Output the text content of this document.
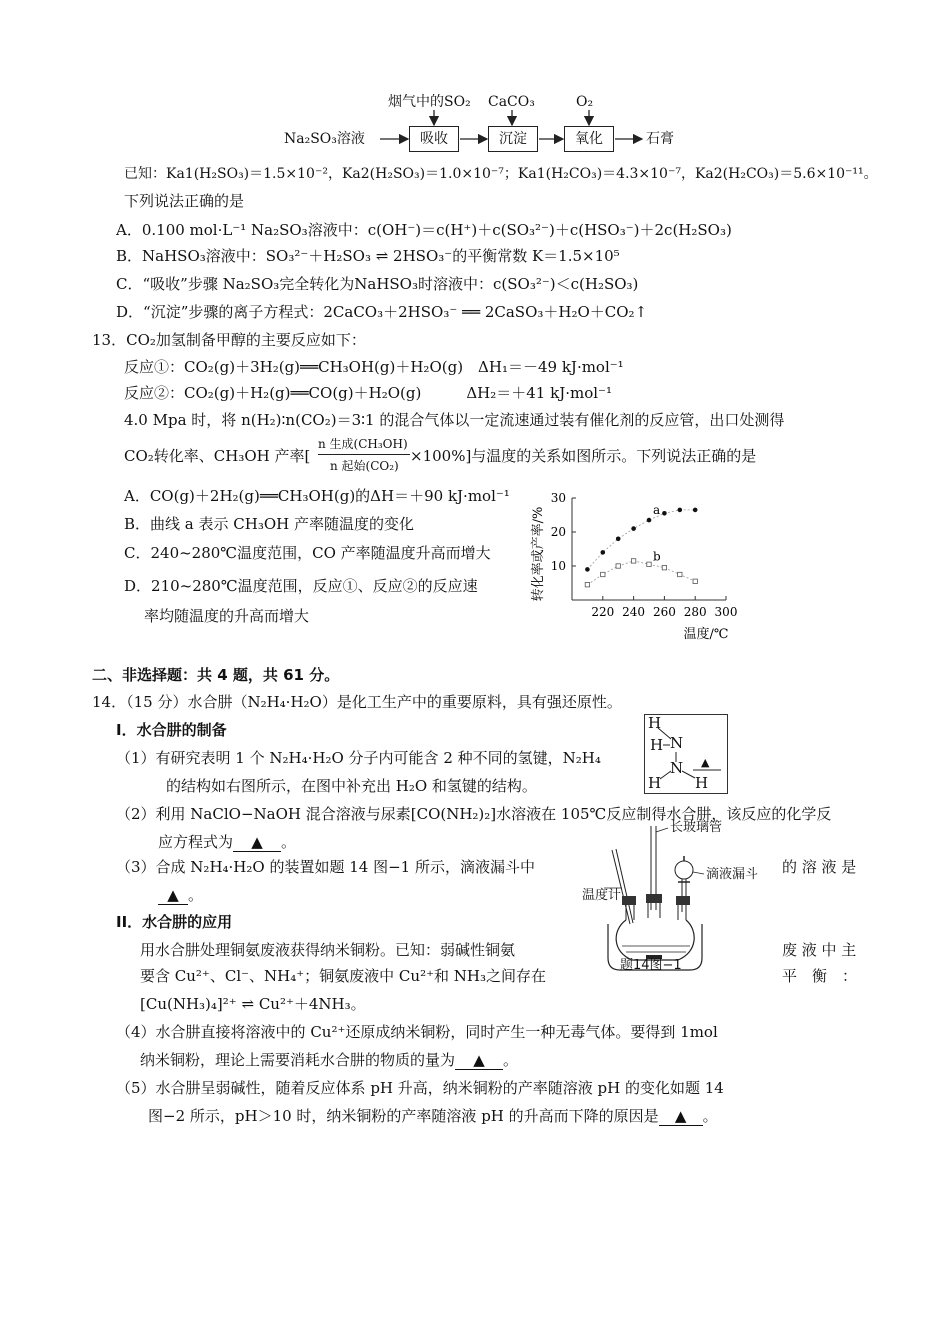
Na₂SO₃溶液
烟气中的SO₂ CaCO₃	O₂
吸收	沉淀	氧化	石膏
已知：Ka1(H₂SO₃)＝1.5×10⁻²，Ka2(H₂SO₃)＝1.0×10⁻⁷；Ka1(H₂CO₃)＝4.3×10⁻⁷，Ka2(H₂CO₃)＝5.6×10⁻¹¹。
下列说法正确的是
A．0.100 mol·L⁻¹ Na₂SO₃溶液中：c(OH⁻)＝c(H⁺)＋c(SO₃²⁻)＋c(HSO₃⁻)＋2c(H₂SO₃)
B．NaHSO₃溶液中：SO₃²⁻＋H₂SO₃ ⇌ 2HSO₃⁻的平衡常数 K＝1.5×10⁵
C．“吸收”步骤 Na₂SO₃完全转化为NaHSO₃时溶液中：c(SO₃²⁻)＜c(H₂SO₃)
D．“沉淀”步骤的离子方程式：2CaCO₃＋2HSO₃⁻ ══ 2CaSO₃＋H₂O＋CO₂↑
13．CO₂加氢制备甲醇的主要反应如下：
反应①：CO₂(g)＋3H₂(g)══CH₃OH(g)＋H₂O(g)　ΔH₁＝－49 kJ·mol⁻¹
反应②：CO₂(g)＋H₂(g)══CO(g)＋H₂O(g)　　　ΔH₂＝＋41 kJ·mol⁻¹
4.0 Mpa 时，将 n(H₂)∶n(CO₂)＝3∶1 的混合气体以一定流速通过装有催化剂的反应管，出口处测得
CO₂转化率、CH₃OH 产率[
n 生成(CH₃OH)
n 起始(CO₂)
×100%]与温度的关系如图所示。下列说法正确的是
A．CO(g)＋2H₂(g)══CH₃OH(g)的ΔH＝＋90 kJ·mol⁻¹
B．曲线 a 表示 CH₃OH 产率随温度的变化
C．240~280℃温度范围，CO 产率随温度升高而增大
D．210~280℃温度范围，反应①、反应②的反应速
率均随温度的升高而增大
10
20
30
220 240 260 280 300
a
b
转化率或产率/%
温度/℃
二、非选择题：共 4 题，共 61 分。
14．（15 分）水合肼（N₂H₄·H₂O）是化工生产中的重要原料，具有强还原性。
I．水合肼的制备
（1）有研究表明 1 个 N₂H₄·H₂O 分子内可能含 2 种不同的氢键，N₂H₄
的结构如右图所示，在图中补充出 H₂O 和氢键的结构。
（2）利用 NaClO−NaOH 混合溶液与尿素[CO(NH₂)₂]水溶液在 105℃反应制得水合肼，该反应的化学反
应方程式为 ▲ 。
（3）合成 N₂H₄·H₂O 的装置如题 14 图−1 所示，滴液漏斗中	的 溶 液 是
▲ 。
II．水合肼的应用
用水合肼处理铜氨废液获得纳米铜粉。已知：弱碱性铜氨	废 液 中 主
要含 Cu²⁺、Cl⁻、NH₄⁺；铜氨废液中 Cu²⁺和 NH₃之间存在	平　衡　：
[Cu(NH₃)₄]²⁺ ⇌ Cu²⁺＋4NH₃。
（4）水合肼直接将溶液中的 Cu²⁺还原成纳米铜粉，同时产生一种无毒气体。要得到 1mol
纳米铜粉，理论上需要消耗水合肼的物质的量为 ▲ 。
（5）水合肼呈弱碱性，随着反应体系 pH 升高，纳米铜粉的产率随溶液 pH 的变化如题 14
图−2 所示，pH＞10 时，纳米铜粉的产率随溶液 pH 的升高而下降的原因是 ▲ 。
H
H N
N
H H
▲
长玻璃管
温度计
滴液漏斗
题14图−1
